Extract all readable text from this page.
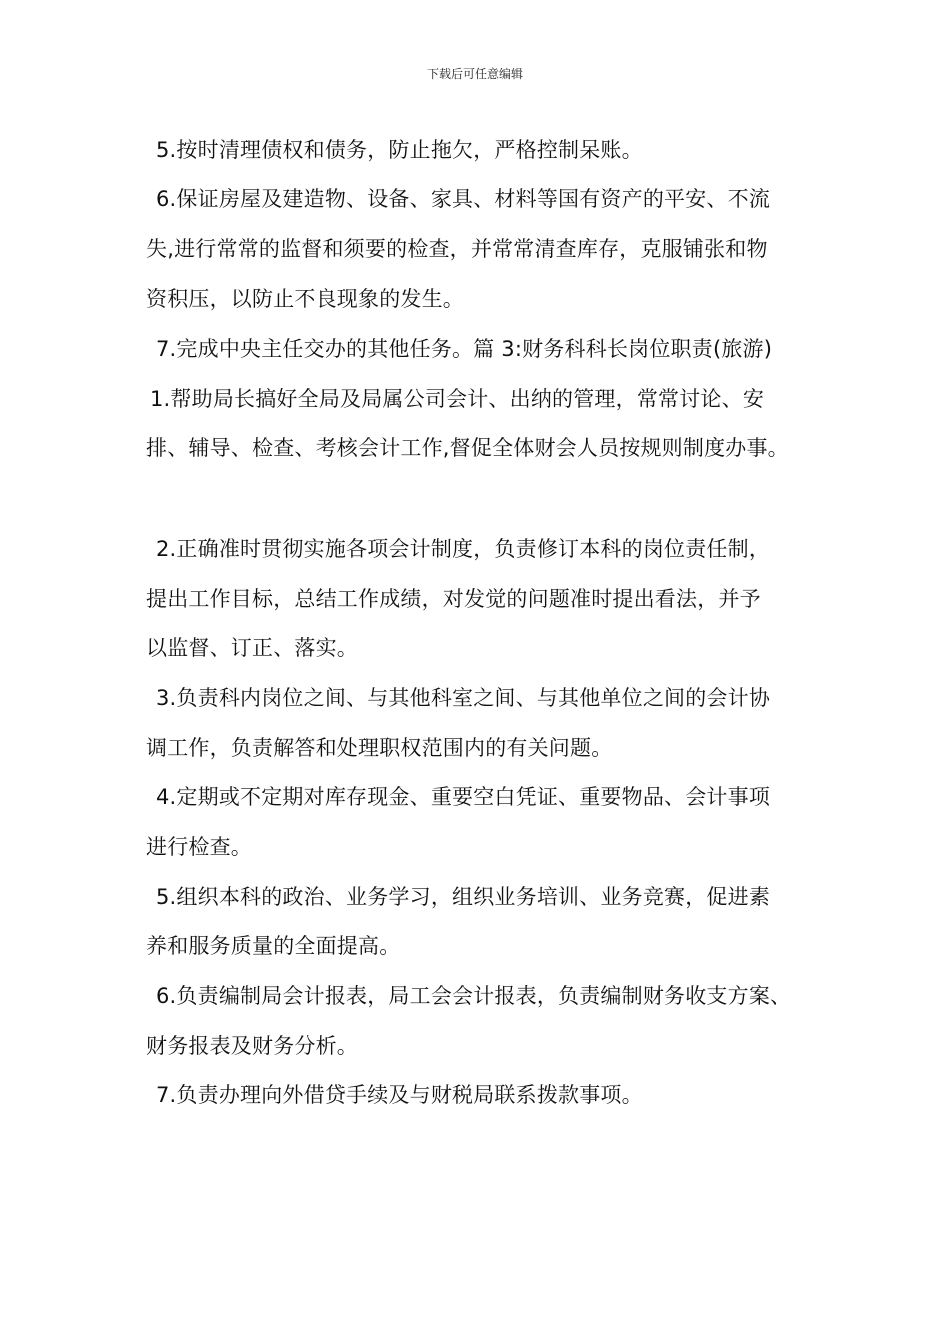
下载后可任意编辑
5.按时清理债权和债务，防止拖欠，严格控制呆账。
6.保证房屋及建造物、设备、家具、材料等国有资产的平安、不流
失,进行常常的监督和须要的检查，并常常清查库存，克服铺张和物
资积压，以防止不良现象的发生。
7.完成中央主任交办的其他任务。篇 3:财务科科长岗位职责(旅游)
1.帮助局长搞好全局及局属公司会计、出纳的管理，常常讨论、安
排、辅导、检查、考核会计工作,督促全体财会人员按规则制度办事。
2.正确准时贯彻实施各项会计制度，负责修订本科的岗位责任制，
提出工作目标，总结工作成绩，对发觉的问题准时提出看法，并予
以监督、订正、落实。
3.负责科内岗位之间、与其他科室之间、与其他单位之间的会计协
调工作，负责解答和处理职权范围内的有关问题。
4.定期或不定期对库存现金、重要空白凭证、重要物品、会计事项
进行检查。
5.组织本科的政治、业务学习，组织业务培训、业务竞赛，促进素
养和服务质量的全面提高。
6.负责编制局会计报表，局工会会计报表，负责编制财务收支方案、
财务报表及财务分析。
7.负责办理向外借贷手续及与财税局联系拨款事项。
